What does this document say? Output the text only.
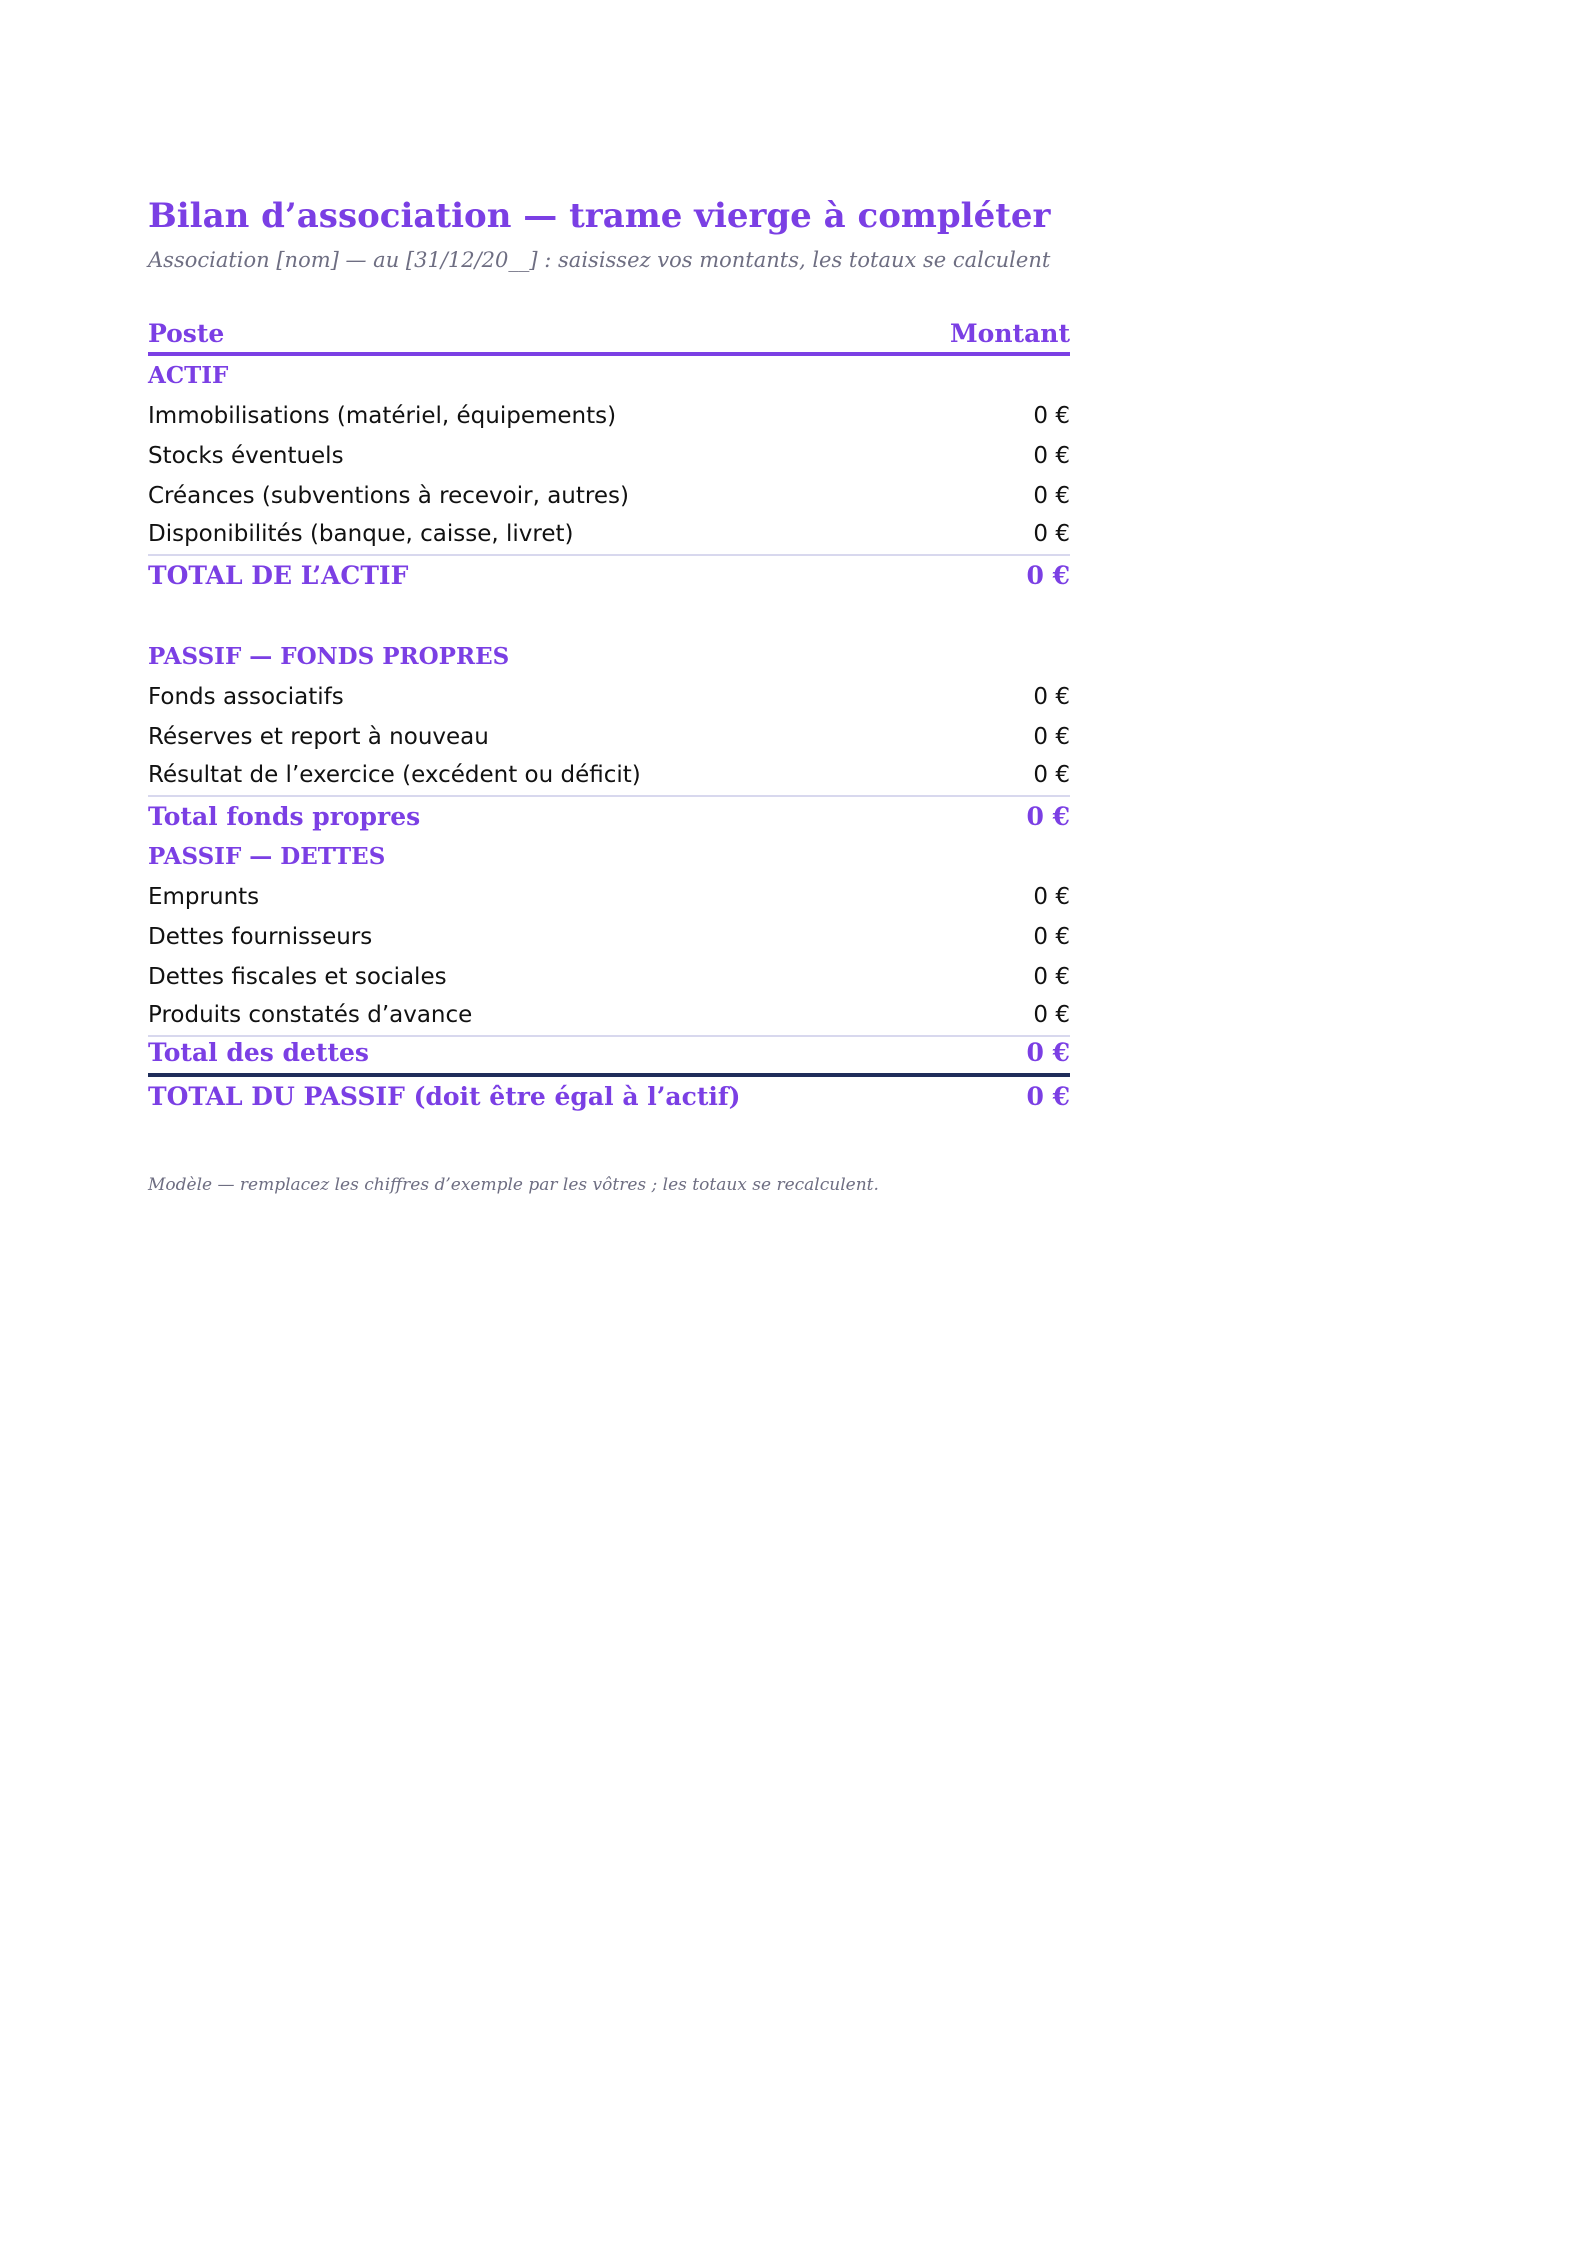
Bilan d’association — trame vierge à compléter
Association [nom] — au [31/12/20__] : saisissez vos montants, les totaux se calculent
Poste	Montant
ACTIF
Immobilisations (matériel, équipements)	0 €
Stocks éventuels	0 €
Créances (subventions à recevoir, autres)	0 €
Disponibilités (banque, caisse, livret)	0 €
TOTAL DE L’ACTIF	0 €
PASSIF — FONDS PROPRES
Fonds associatifs	0 €
Réserves et report à nouveau	0 €
Résultat de l’exercice (excédent ou déficit)	0 €
Total fonds propres	0 €
PASSIF — DETTES
Emprunts	0 €
Dettes fournisseurs	0 €
Dettes fiscales et sociales	0 €
Produits constatés d’avance	0 €
Total des dettes	0 €
TOTAL DU PASSIF (doit être égal à l’actif)	0 €
Modèle — remplacez les chiffres d’exemple par les vôtres ; les totaux se recalculent.
